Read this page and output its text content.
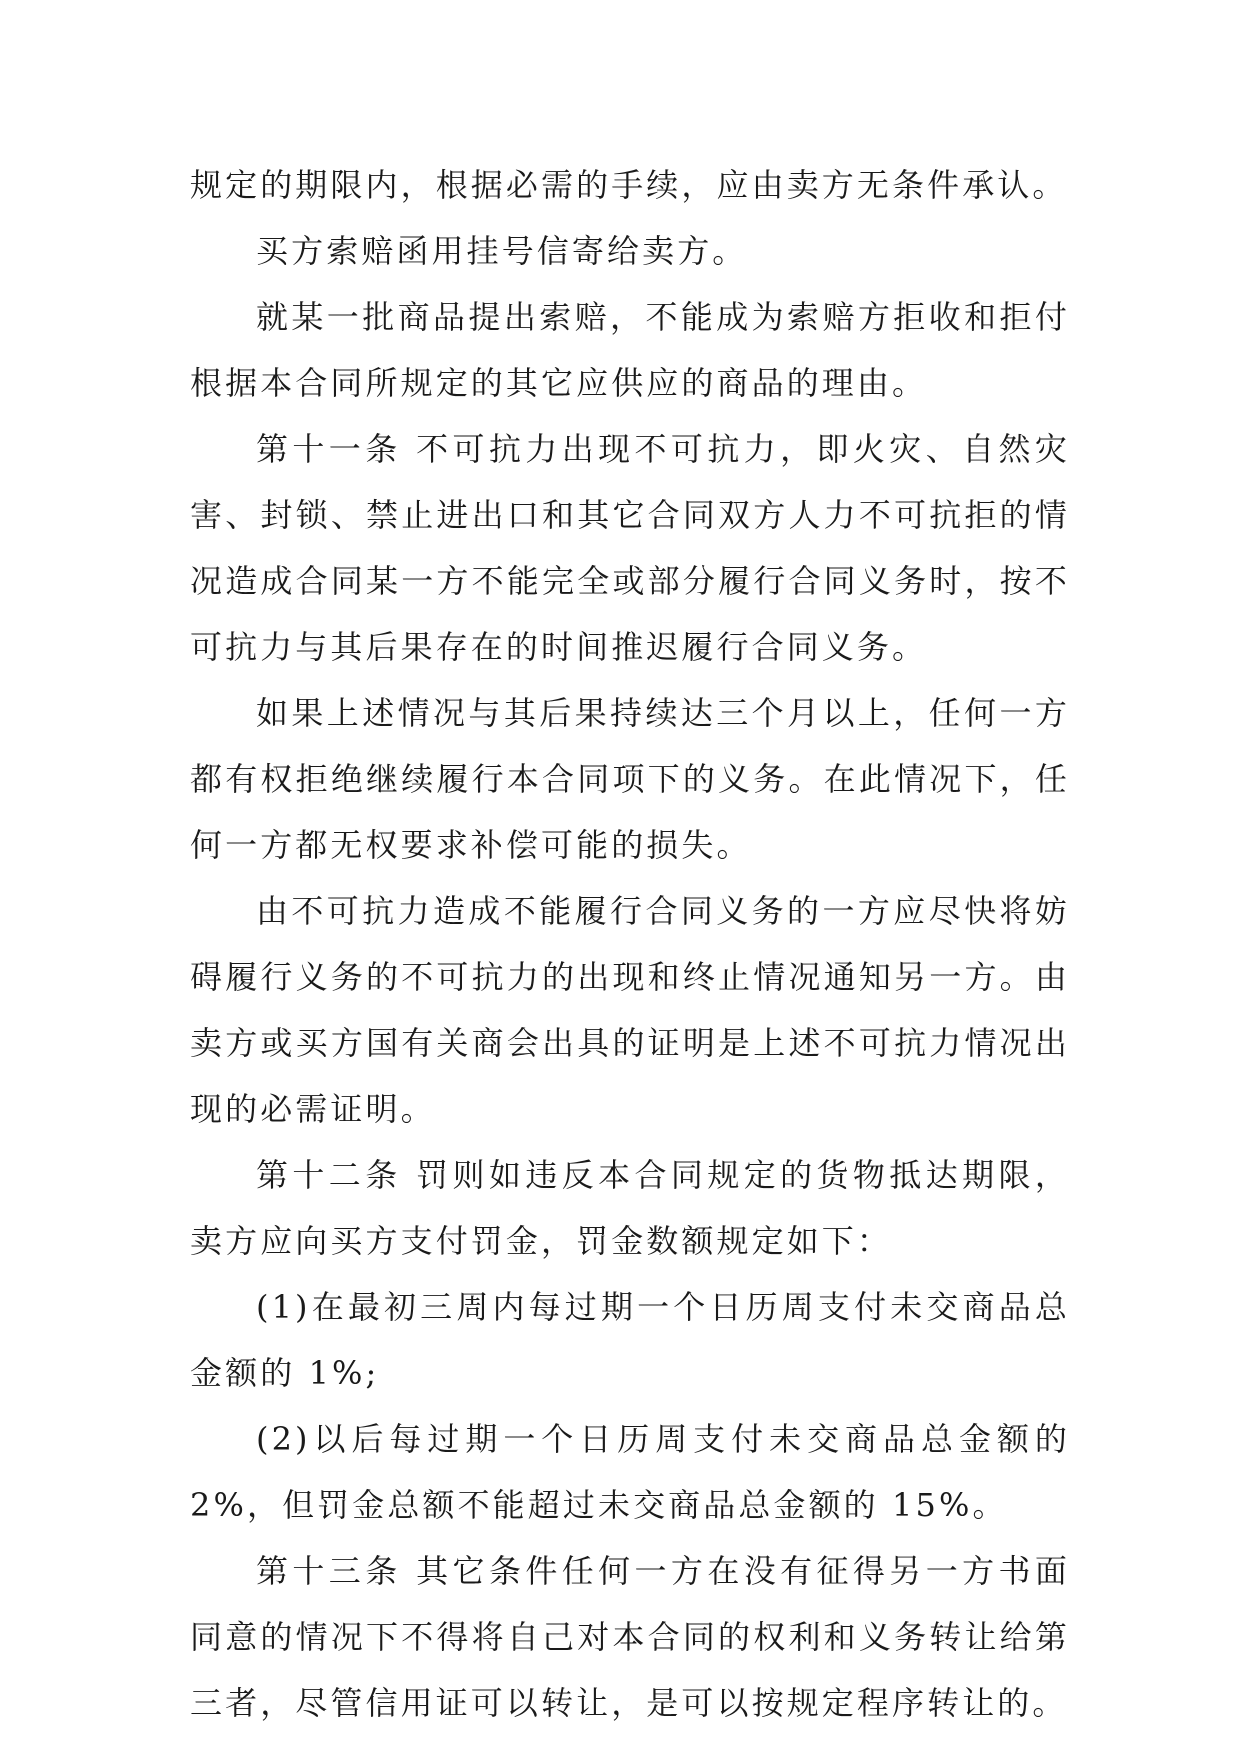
规定的期限内，根据必需的手续，应由卖方无条件承认。

买方索赔函用挂号信寄给卖方。

就某一批商品提出索赔，不能成为索赔方拒收和拒付根据本合同所规定的其它应供应的商品的理由。

第十一条 不可抗力出现不可抗力，即火灾、自然灾害、封锁、禁止进出口和其它合同双方人力不可抗拒的情况造成合同某一方不能完全或部分履行合同义务时，按不可抗力与其后果存在的时间推迟履行合同义务。

如果上述情况与其后果持续达三个月以上，任何一方都有权拒绝继续履行本合同项下的义务。在此情况下，任何一方都无权要求补偿可能的损失。

由不可抗力造成不能履行合同义务的一方应尽快将妨碍履行义务的不可抗力的出现和终止情况通知另一方。由卖方或买方国有关商会出具的证明是上述不可抗力情况出现的必需证明。

第十二条 罚则如违反本合同规定的货物抵达期限，卖方应向买方支付罚金，罚金数额规定如下：

(1)在最初三周内每过期一个日历周支付未交商品总金额的 1%;

(2)以后每过期一个日历周支付未交商品总金额的 2%，但罚金总额不能超过未交商品总金额的 15%。

第十三条 其它条件任何一方在没有征得另一方书面同意的情况下不得将自己对本合同的权利和义务转让给第三者，尽管信用证可以转让，是可以按规定程序转让的。
